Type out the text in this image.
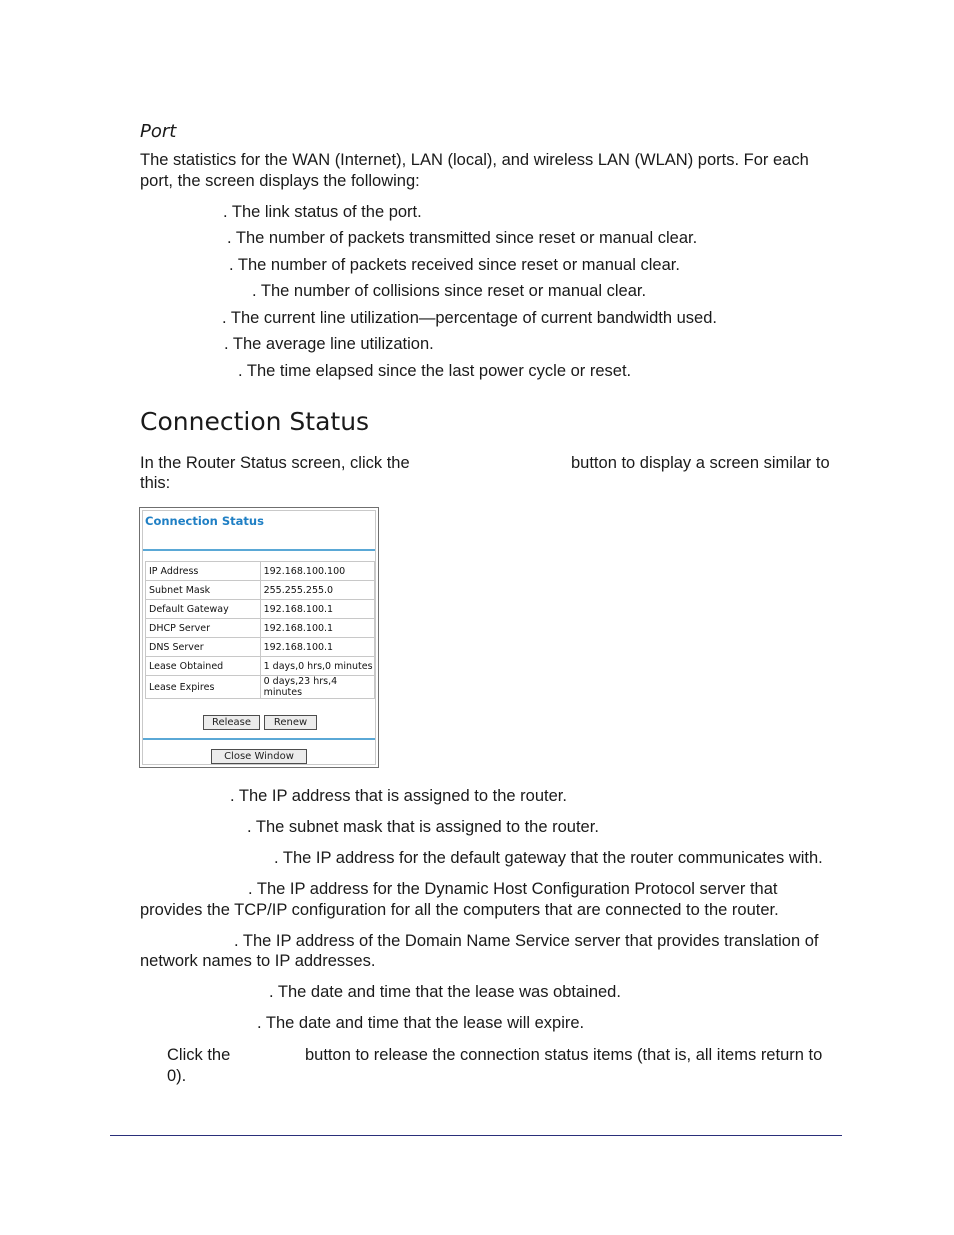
Port
The statistics for the WAN (Internet), LAN (local), and wireless LAN (WLAN) ports. For each port, the screen displays the following:
. The link status of the port.
. The number of packets transmitted since reset or manual clear.
. The number of packets received since reset or manual clear.
. The number of collisions since reset or manual clear.
. The current line utilization—percentage of current bandwidth used.
. The average line utilization.
. The time elapsed since the last power cycle or reset.
Connection Status
In the Router Status screen, click the	button to display a screen similar to
this:
Connection Status
IP Address	192.168.100.100
Subnet Mask	255.255.255.0
Default Gateway	192.168.100.1
DHCP Server	192.168.100.1
DNS Server	192.168.100.1
Lease Obtained	1 days,0 hrs,0 minutes
Lease Expires	0 days,23 hrs,4 minutes
Release	Renew
Close Window
. The IP address that is assigned to the router.
. The subnet mask that is assigned to the router.
. The IP address for the default gateway that the router communicates with.
. The IP address for the Dynamic Host Configuration Protocol server that
provides the TCP/IP configuration for all the computers that are connected to the router.
. The IP address of the Domain Name Service server that provides translation of
network names to IP addresses.
. The date and time that the lease was obtained.
. The date and time that the lease will expire.
Click the	button to release the connection status items (that is, all items return to
0).
